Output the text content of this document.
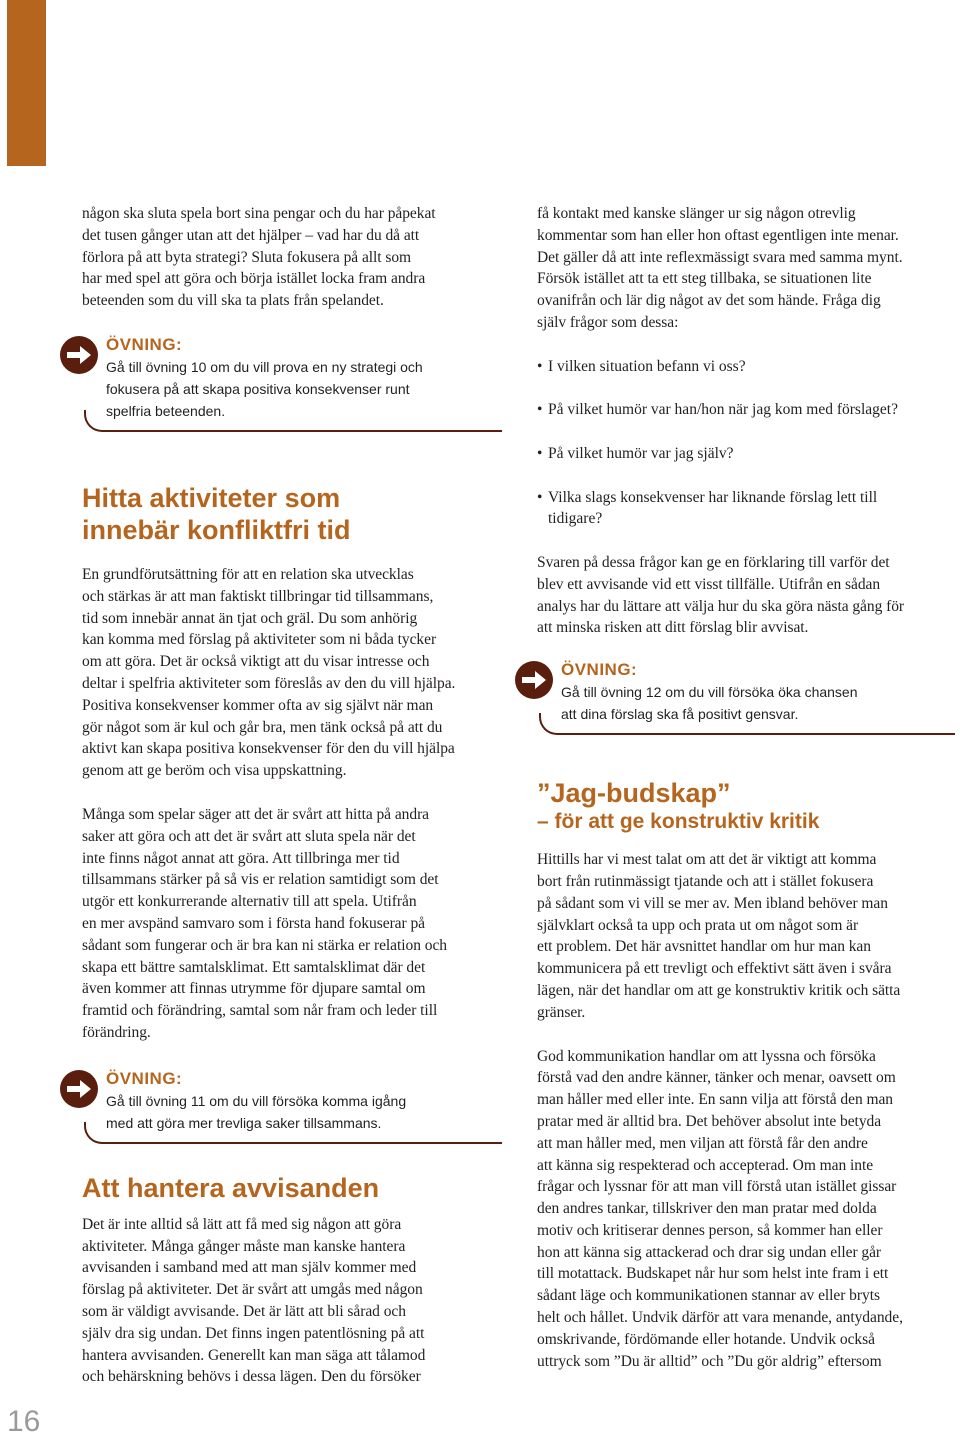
någon ska sluta spela bort sina pengar och du har påpekat
det tusen gånger utan att det hjälper – vad har du då att
förlora på att byta strategi? Sluta fokusera på allt som
har med spel att göra och börja istället locka fram andra
beteenden som du vill ska ta plats från spelandet.

ÖVNING:
Gå till övning 10 om du vill prova en ny strategi och
fokusera på att skapa positiva konsekvenser runt
spelfria beteenden.
Hitta aktiviteter som
innebär konfliktfri tid

En grundförutsättning för att en relation ska utvecklas
och stärkas är att man faktiskt tillbringar tid tillsammans,
tid som innebär annat än tjat och gräl. Du som anhörig
kan komma med förslag på aktiviteter som ni båda tycker
om att göra. Det är också viktigt att du visar intresse och
deltar i spelfria aktiviteter som föreslås av den du vill hjälpa.
Positiva konsekvenser kommer ofta av sig självt när man
gör något som är kul och går bra, men tänk också på att du
aktivt kan skapa positiva konsekvenser för den du vill hjälpa
genom att ge beröm och visa uppskattning.

Många som spelar säger att det är svårt att hitta på andra
saker att göra och att det är svårt att sluta spela när det
inte finns något annat att göra. Att tillbringa mer tid
tillsammans stärker på så vis er relation samtidigt som det
utgör ett konkurrerande alternativ till att spela. Utifrån
en mer avspänd samvaro som i första hand fokuserar på
sådant som fungerar och är bra kan ni stärka er relation och
skapa ett bättre samtalsklimat. Ett samtalsklimat där det
även kommer att finnas utrymme för djupare samtal om
framtid och förändring, samtal som når fram och leder till
förändring.

ÖVNING:
Gå till övning 11 om du vill försöka komma igång
med att göra mer trevliga saker tillsammans.
Att hantera avvisanden

Det är inte alltid så lätt att få med sig någon att göra
aktiviteter. Många gånger måste man kanske hantera
avvisanden i samband med att man själv kommer med
förslag på aktiviteter. Det är svårt att umgås med någon
som är väldigt avvisande. Det är lätt att bli sårad och
själv dra sig undan. Det finns ingen patentlösning på att
hantera avvisanden. Generellt kan man säga att tålamod
och behärskning behövs i dessa lägen. Den du försöker

få kontakt med kanske slänger ur sig någon otrevlig
kommentar som han eller hon oftast egentligen inte menar.
Det gäller då att inte reflexmässigt svara med samma mynt.
Försök istället att ta ett steg tillbaka, se situationen lite
ovanifrån och lär dig något av det som hände. Fråga dig
själv frågor som dessa:

• I vilken situation befann vi oss?
• På vilket humör var han/hon när jag kom med förslaget?
• På vilket humör var jag själv?
• Vilka slags konsekvenser har liknande förslag lett till
tidigare?

Svaren på dessa frågor kan ge en förklaring till varför det
blev ett avvisande vid ett visst tillfälle. Utifrån en sådan
analys har du lättare att välja hur du ska göra nästa gång för
att minska risken att ditt förslag blir avvisat.

ÖVNING:
Gå till övning 12 om du vill försöka öka chansen
att dina förslag ska få positivt gensvar.
”Jag-budskap”
– för att ge konstruktiv kritik

Hittills har vi mest talat om att det är viktigt att komma
bort från rutinmässigt tjatande och att i stället fokusera
på sådant som vi vill se mer av. Men ibland behöver man
självklart också ta upp och prata ut om något som är
ett problem. Det här avsnittet handlar om hur man kan
kommunicera på ett trevligt och effektivt sätt även i svåra
lägen, när det handlar om att ge konstruktiv kritik och sätta
gränser.

God kommunikation handlar om att lyssna och försöka
förstå vad den andre känner, tänker och menar, oavsett om
man håller med eller inte. En sann vilja att förstå den man
pratar med är alltid bra. Det behöver absolut inte betyda
att man håller med, men viljan att förstå får den andre
att känna sig respekterad och accepterad. Om man inte
frågar och lyssnar för att man vill förstå utan istället gissar
den andres tankar, tillskriver den man pratar med dolda
motiv och kritiserar dennes person, så kommer han eller
hon att känna sig attackerad och drar sig undan eller går
till motattack. Budskapet når hur som helst inte fram i ett
sådant läge och kommunikationen stannar av eller bryts
helt och hållet. Undvik därför att vara menande, antydande,
omskrivande, fördömande eller hotande. Undvik också
uttryck som ”Du är alltid” och ”Du gör aldrig” eftersom

16
